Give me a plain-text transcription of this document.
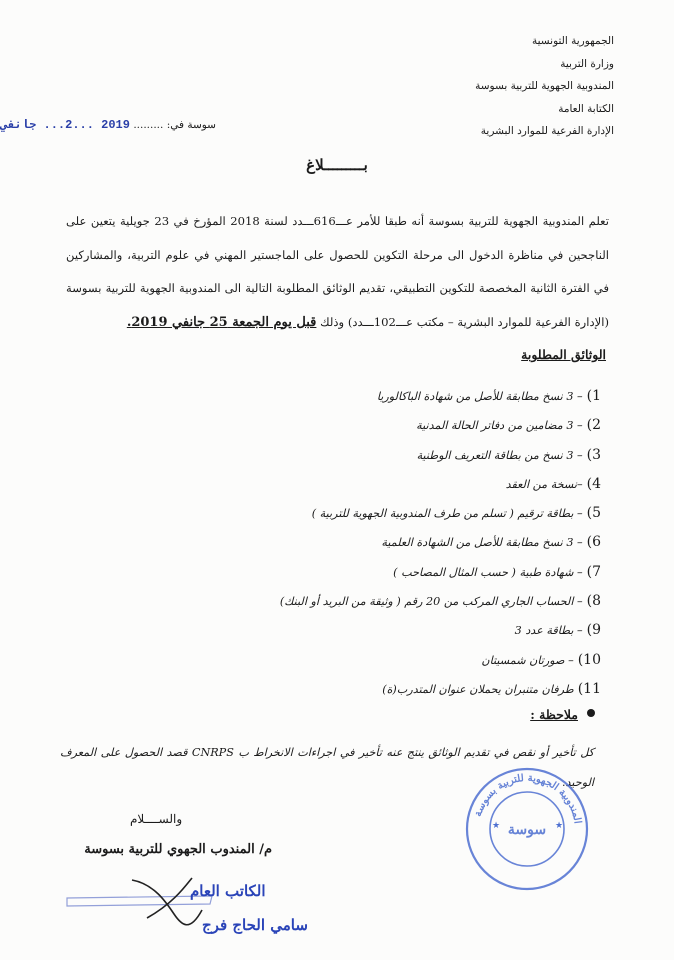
الجمهورية التونسية
وزارة التربية
المندوبية الجهوية للتربية بسوسة
الكتابة العامة
الإدارة الفرعية للموارد البشرية
سوسة في: ......... 2019 ...2... جانفي
بـــــــــلاغ
تعلم المندوبية الجهوية للتربية بسوسة أنه طبقا للأمر عـــ616ـــدد لسنة 2018 المؤرخ في 23 جويلية يتعين على الناجحين في مناظرة الدخول الى مرحلة التكوين للحصول على الماجستير المهني في علوم التربية، والمشاركين في الفترة الثانية المخصصة للتكوين التطبيقي، تقديم الوثائق المطلوبة التالية الى المندوبية الجهوية للتربية بسوسة (الإدارة الفرعية للموارد البشرية – مكتب عـــ102ـــدد) وذلك قبل يوم الجمعة 25 جانفي 2019.
الوثائق المطلوبة
1)– 3 نسخ مطابقة للأصل من شهادة الباكالوريا
2)– 3 مضامين من دفاتر الحالة المدنية
3)– 3 نسخ من بطاقة التعريف الوطنية
4)–نسخة من العقد
5)– بطاقة ترقيم ( تسلم من طرف المندوبية الجهوية للتربية )
6)– 3 نسخ مطابقة للأصل من الشهادة العلمية
7)– شهادة طبية ( حسب المثال المصاحب )
8)– الحساب الجاري المركب من 20 رقم ( وثيقة من البريد أو البنك)
9)– بطاقة عدد 3
10)– صورتان شمسيتان
11)طرفان متنبران يحملان عنوان المتدرب(ة)
ملاحظة :
كل تأخير أو نقص في تقديم الوثائق ينتج عنه تأخير في اجراءات الانخراط ب CNRPS قصد الحصول على المعرف الوحيد.
والســــلام
م/ المندوب الجهوي للتربية بسوسة
الكاتب العام
سامي الحاج فرج
المندوبية الجهوية للتربية بسوسة
سوسة
★	★
